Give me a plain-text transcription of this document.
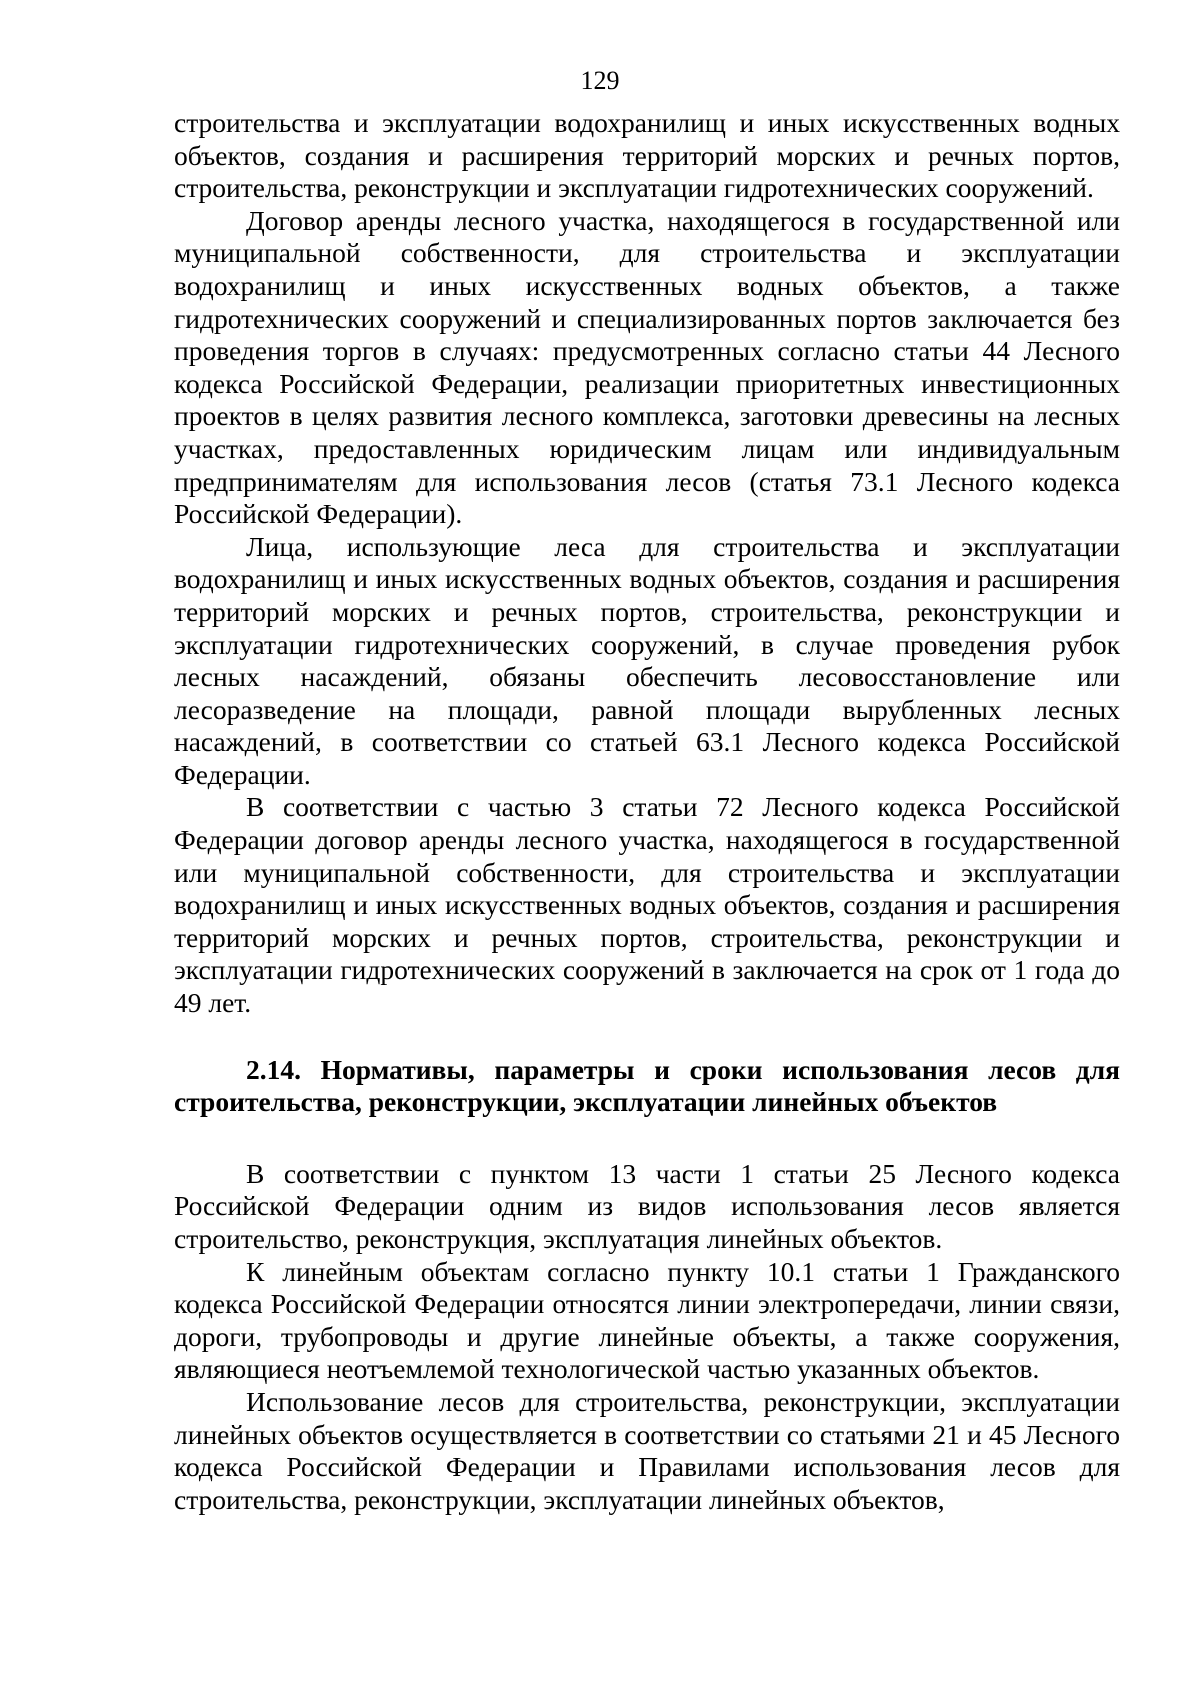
129

строительства и эксплуатации водохранилищ и иных искусственных водных объектов, создания и расширения территорий морских и речных портов, строительства, реконструкции и эксплуатации гидротехнических сооружений.

Договор аренды лесного участка, находящегося в государственной или муниципальной собственности, для строительства и эксплуатации водохранилищ и иных искусственных водных объектов, а также гидротехнических сооружений и специализированных портов заключается без проведения торгов в случаях: предусмотренных согласно статьи 44 Лесного кодекса Российской Федерации, реализации приоритетных инвестиционных проектов в целях развития лесного комплекса, заготовки древесины на лесных участках, предоставленных юридическим лицам или индивидуальным предпринимателям для использования лесов (статья 73.1 Лесного кодекса Российской Федерации).

Лица, использующие леса для строительства и эксплуатации водохранилищ и иных искусственных водных объектов, создания и расширения территорий морских и речных портов, строительства, реконструкции и эксплуатации гидротехнических сооружений, в случае проведения рубок лесных насаждений, обязаны обеспечить лесовосстановление или лесоразведение на площади, равной площади вырубленных лесных насаждений, в соответствии со статьей 63.1 Лесного кодекса Российской Федерации.

В соответствии с частью 3 статьи 72 Лесного кодекса Российской Федерации договор аренды лесного участка, находящегося в государственной или муниципальной собственности, для строительства и эксплуатации водохранилищ и иных искусственных водных объектов, создания и расширения территорий морских и речных портов, строительства, реконструкции и эксплуатации гидротехнических сооружений в заключается на срок от 1 года до 49 лет.

2.14. Нормативы, параметры и сроки использования лесов для строительства, реконструкции, эксплуатации линейных объектов

В соответствии с пунктом 13 части 1 статьи 25 Лесного кодекса Российской Федерации одним из видов использования лесов является строительство, реконструкция, эксплуатация линейных объектов.

К линейным объектам согласно пункту 10.1 статьи 1 Гражданского кодекса Российской Федерации относятся линии электропередачи, линии связи, дороги, трубопроводы и другие линейные объекты, а также сооружения, являющиеся неотъемлемой технологической частью указанных объектов.

Использование лесов для строительства, реконструкции, эксплуатации линейных объектов осуществляется в соответствии со статьями 21 и 45 Лесного кодекса Российской Федерации и Правилами использования лесов для строительства, реконструкции, эксплуатации линейных объектов,
